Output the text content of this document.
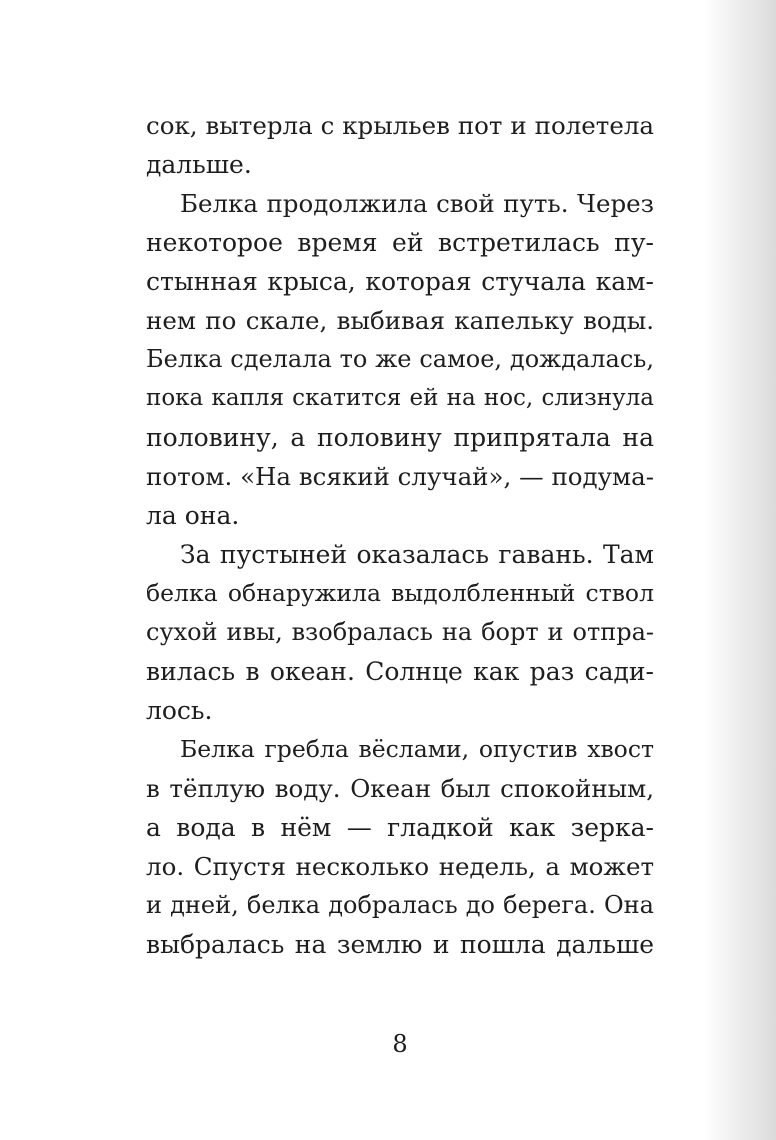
сок, вытерла с крыльев пот и полетела
дальше.
Белка продолжила свой путь. Через
некоторое время ей встретилась пу-
стынная крыса, которая стучала кам-
нем по скале, выбивая капельку воды.
Белка сделала то же самое, дождалась,
пока капля скатится ей на нос, слизнула
половину, а половину припрятала на
потом. «На всякий случай», — подума-
ла она.
За пустыней оказалась гавань. Там
белка обнаружила выдолбленный ствол
сухой ивы, взобралась на борт и отпра-
вилась в океан. Солнце как раз сади-
лось.
Белка гребла вёслами, опустив хвост
в тёплую воду. Океан был спокойным,
а вода в нём — гладкой как зерка-
ло. Спустя несколько недель, а может
и дней, белка добралась до берега. Она
выбралась на землю и пошла дальше
8
